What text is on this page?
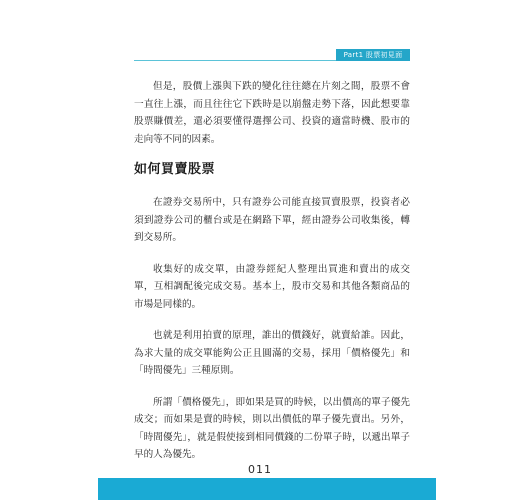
Part1 股票初見面

但是，股價上漲與下跌的變化往往總在片刻之間，股票不會一直往上漲，而且往往它下跌時是以崩盤走勢下落，因此想要靠股票賺價差，還必須要懂得選擇公司、投資的適當時機、股市的走向等不同的因素。

如何買賣股票

在證券交易所中，只有證券公司能直接買賣股票，投資者必須到證券公司的櫃台或是在網路下單，經由證券公司收集後，轉到交易所。

收集好的成交單，由證券經紀人整理出買進和賣出的成交單，互相調配後完成交易。基本上，股市交易和其他各類商品的市場是同樣的。

也就是利用拍賣的原理，誰出的價錢好，就賣給誰。因此，為求大量的成交單能夠公正且圓滿的交易，採用「價格優先」和「時間優先」三種原則。

所謂「價格優先」，即如果是買的時候，以出價高的單子優先成交；而如果是賣的時候，則以出價低的單子優先賣出。另外，「時間優先」，就是假使接到相同價錢的二份單子時，以遞出單子早的人為優先。

011
